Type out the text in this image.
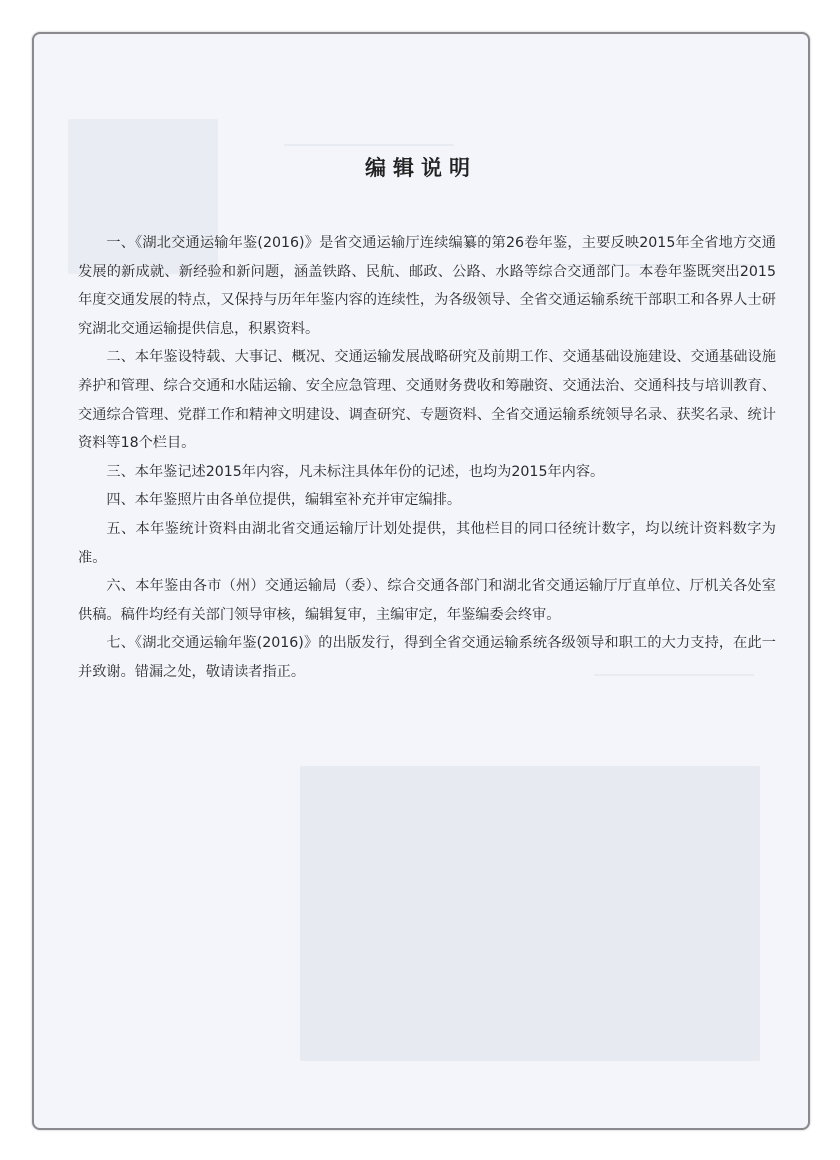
编辑说明

一、《湖北交通运输年鉴(2016)》是省交通运输厅连续编纂的第26卷年鉴，主要反映2015年全省地方交通发展的新成就、新经验和新问题，涵盖铁路、民航、邮政、公路、水路等综合交通部门。本卷年鉴既突出2015年度交通发展的特点，又保持与历年年鉴内容的连续性，为各级领导、全省交通运输系统干部职工和各界人士研究湖北交通运输提供信息，积累资料。

二、本年鉴设特载、大事记、概况、交通运输发展战略研究及前期工作、交通基础设施建设、交通基础设施养护和管理、综合交通和水陆运输、安全应急管理、交通财务费收和筹融资、交通法治、交通科技与培训教育、交通综合管理、党群工作和精神文明建设、调查研究、专题资料、全省交通运输系统领导名录、获奖名录、统计资料等18个栏目。

三、本年鉴记述2015年内容，凡未标注具体年份的记述，也均为2015年内容。

四、本年鉴照片由各单位提供，编辑室补充并审定编排。

五、本年鉴统计资料由湖北省交通运输厅计划处提供，其他栏目的同口径统计数字，均以统计资料数字为准。

六、本年鉴由各市（州）交通运输局（委）、综合交通各部门和湖北省交通运输厅厅直单位、厅机关各处室供稿。稿件均经有关部门领导审核，编辑复审，主编审定，年鉴编委会终审。

七、《湖北交通运输年鉴(2016)》的出版发行，得到全省交通运输系统各级领导和职工的大力支持，在此一并致谢。错漏之处，敬请读者指正。
